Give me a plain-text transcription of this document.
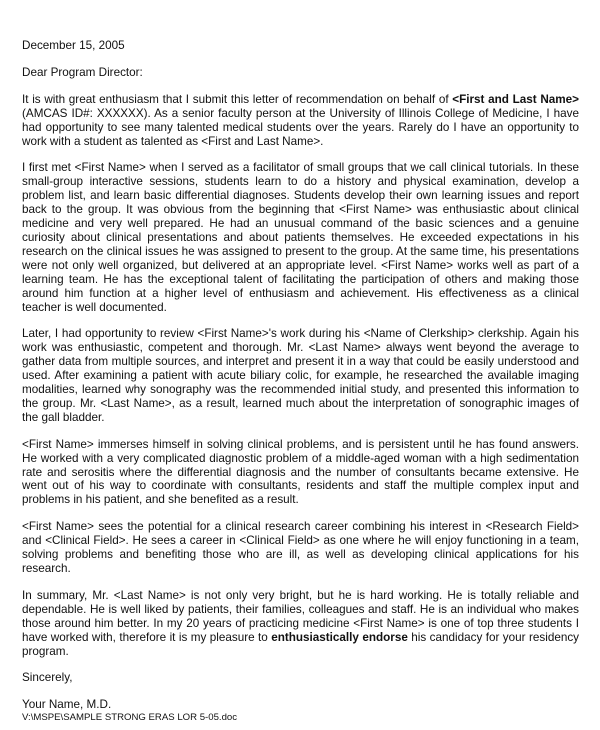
December 15, 2005

Dear Program Director:

It is with great enthusiasm that I submit this letter of recommendation on behalf of <First and Last Name> (AMCAS ID#: XXXXXX). As a senior faculty person at the University of Illinois College of Medicine, I have had opportunity to see many talented medical students over the years. Rarely do I have an opportunity to work with a student as talented as <First and Last Name>.

I first met <First Name> when I served as a facilitator of small groups that we call clinical tutorials. In these small-group interactive sessions, students learn to do a history and physical examination, develop a problem list, and learn basic differential diagnoses. Students develop their own learning issues and report back to the group. It was obvious from the beginning that <First Name> was enthusiastic about clinical medicine and very well prepared. He had an unusual command of the basic sciences and a genuine curiosity about clinical presentations and about patients themselves. He exceeded expectations in his research on the clinical issues he was assigned to present to the group. At the same time, his presentations were not only well organized, but delivered at an appropriate level. <First Name> works well as part of a learning team. He has the exceptional talent of facilitating the participation of others and making those around him function at a higher level of enthusiasm and achievement. His effectiveness as a clinical teacher is well documented.

Later, I had opportunity to review <First Name>'s work during his <Name of Clerkship> clerkship. Again his work was enthusiastic, competent and thorough. Mr. <Last Name> always went beyond the average to gather data from multiple sources, and interpret and present it in a way that could be easily understood and used. After examining a patient with acute biliary colic, for example, he researched the available imaging modalities, learned why sonography was the recommended initial study, and presented this information to the group. Mr. <Last Name>, as a result, learned much about the interpretation of sonographic images of the gall bladder.

<First Name> immerses himself in solving clinical problems, and is persistent until he has found answers. He worked with a very complicated diagnostic problem of a middle-aged woman with a high sedimentation rate and serositis where the differential diagnosis and the number of consultants became extensive. He went out of his way to coordinate with consultants, residents and staff the multiple complex input and problems in his patient, and she benefited as a result.

<First Name> sees the potential for a clinical research career combining his interest in <Research Field> and <Clinical Field>. He sees a career in <Clinical Field> as one where he will enjoy functioning in a team, solving problems and benefiting those who are ill, as well as developing clinical applications for his research.

In summary, Mr. <Last Name> is not only very bright, but he is hard working. He is totally reliable and dependable. He is well liked by patients, their families, colleagues and staff. He is an individual who makes those around him better. In my 20 years of practicing medicine <First Name> is one of top three students I have worked with, therefore it is my pleasure to enthusiastically endorse his candidacy for your residency program.

Sincerely,

Your Name, M.D.

V:\MSPE\SAMPLE STRONG ERAS LOR 5-05.doc
